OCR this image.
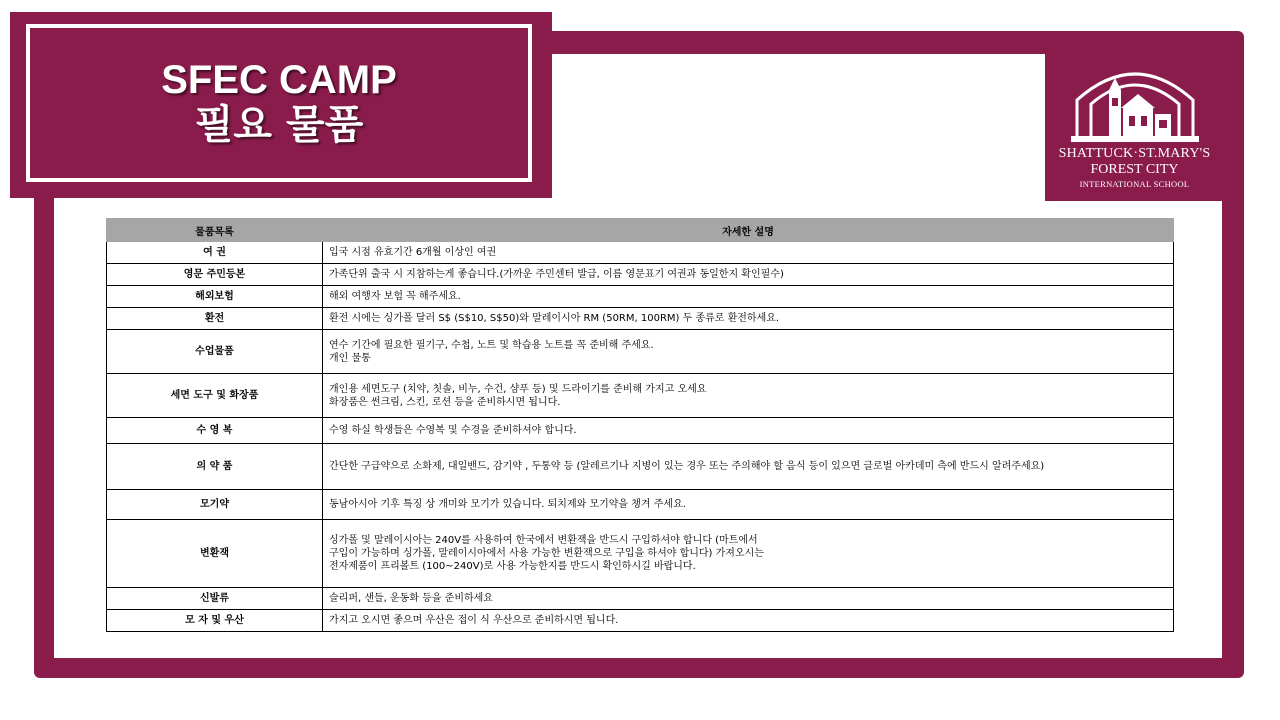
SFEC CAMP
필요 물품
SHATTUCK·ST.MARY'S
FOREST CITY
INTERNATIONAL SCHOOL
물품목록	자세한 설명
여 권	입국 시점 유효기간 6개월 이상인 여권

영문 주민등본	가족단위 출국 시 지참하는게 좋습니다.(가까운 주민센터 발급, 이름 영문표기 여권과 동일한지 확인필수)

해외보험	해외 여행자 보험 꼭 해주세요.

환전	환전 시에는 싱가폴 달러 S$ (S$10, S$50)와 말레이시아 RM (50RM, 100RM) 두 종류로 환전하세요.

수업물품	연수 기간에 필요한 필기구, 수첩, 노트 및 학습용 노트를 꼭 준비해 주세요.
개인 물통

세면 도구 및 화장품	개인용 세면도구 (치약, 칫솔, 비누, 수건, 샴푸 등) 및 드라이기를 준비해 가지고 오세요
화장품은 썬크림, 스킨, 로션 등을 준비하시면 됩니다.

수 영 복	수영 하실 학생들은 수영복 및 수경을 준비하셔야 합니다.

의 약 품	간단한 구급약으로 소화제, 대일밴드, 감기약 , 두통약 등 (알레르기나 지병이 있는 경우 또는 주의해야 할 음식 등이 있으면 글로벌 아카데미 측에 반드시 알려주세요)

모기약	동남아시아 기후 특징 상 개미와 모기가 있습니다. 퇴치제와 모기약을 챙겨 주세요.

변환잭	싱가폴 및 말레이시아는 240V를 사용하여 한국에서 변환잭을 반드시 구입하셔야 합니다 (마트에서
구입이 가능하며 싱가폴, 말레이시아에서 사용 가능한 변환잭으로 구입을 하셔야 합니다) 가져오시는
전자제품이 프리볼트 (100~240V)로 사용 가능한지를 반드시 확인하시길 바랍니다.

신발류	슬리퍼, 샌들, 운동화 등을 준비하세요

모 자 및 우산	가지고 오시면 좋으며 우산은 접이 식 우산으로 준비하시면 됩니다.
